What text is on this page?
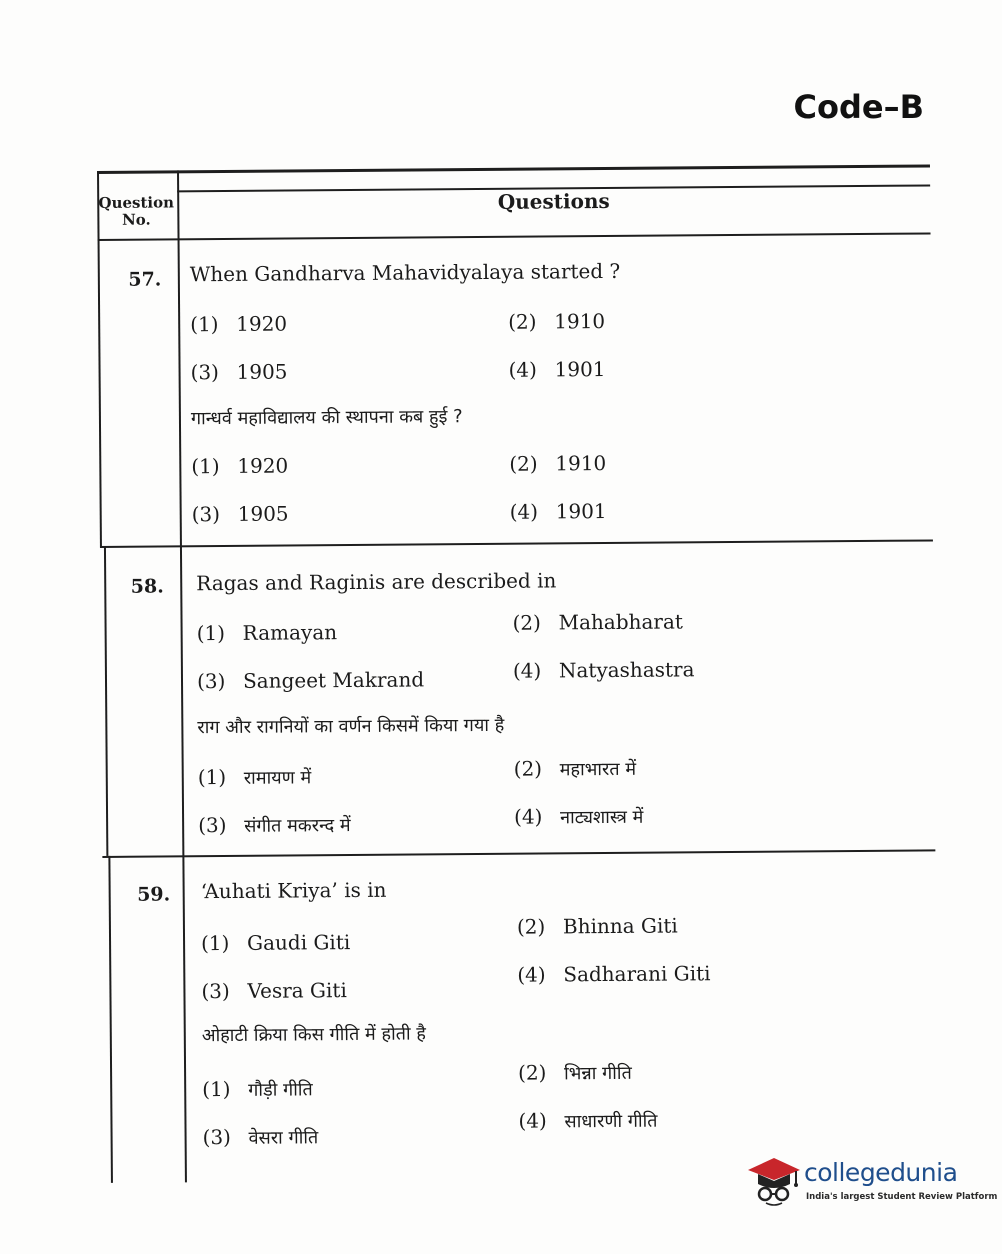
Code–B
Question No.
Questions
57.	When Gandharva Mahavidyalaya started ?
(1) 1920	(2) 1910
(3) 1905	(4) 1901
गान्धर्व महाविद्यालय की स्थापना कब हुई ?
(1) 1920	(2) 1910
(3) 1905	(4) 1901
58.	Ragas and Raginis are described in
(1) Ramayan	(2) Mahabharat
(3) Sangeet Makrand	(4) Natyashastra
राग और रागनियों का वर्णन किसमें किया गया है
(1) रामायण में	(2) महाभारत में
(3) संगीत मकरन्द में	(4) नाट्यशास्त्र में
59.	‘Auhati Kriya’ is in
(1) Gaudi Giti
(2) Bhinna Giti
(3) Vesra Giti
(4) Sadharani Giti
ओहाटी क्रिया किस गीति में होती है
(1) गौड़ी गीति
(2) भिन्ना गीति
(3) वेसरा गीति
(4) साधारणी गीति
collegedunia
India's largest Student Review Platform
